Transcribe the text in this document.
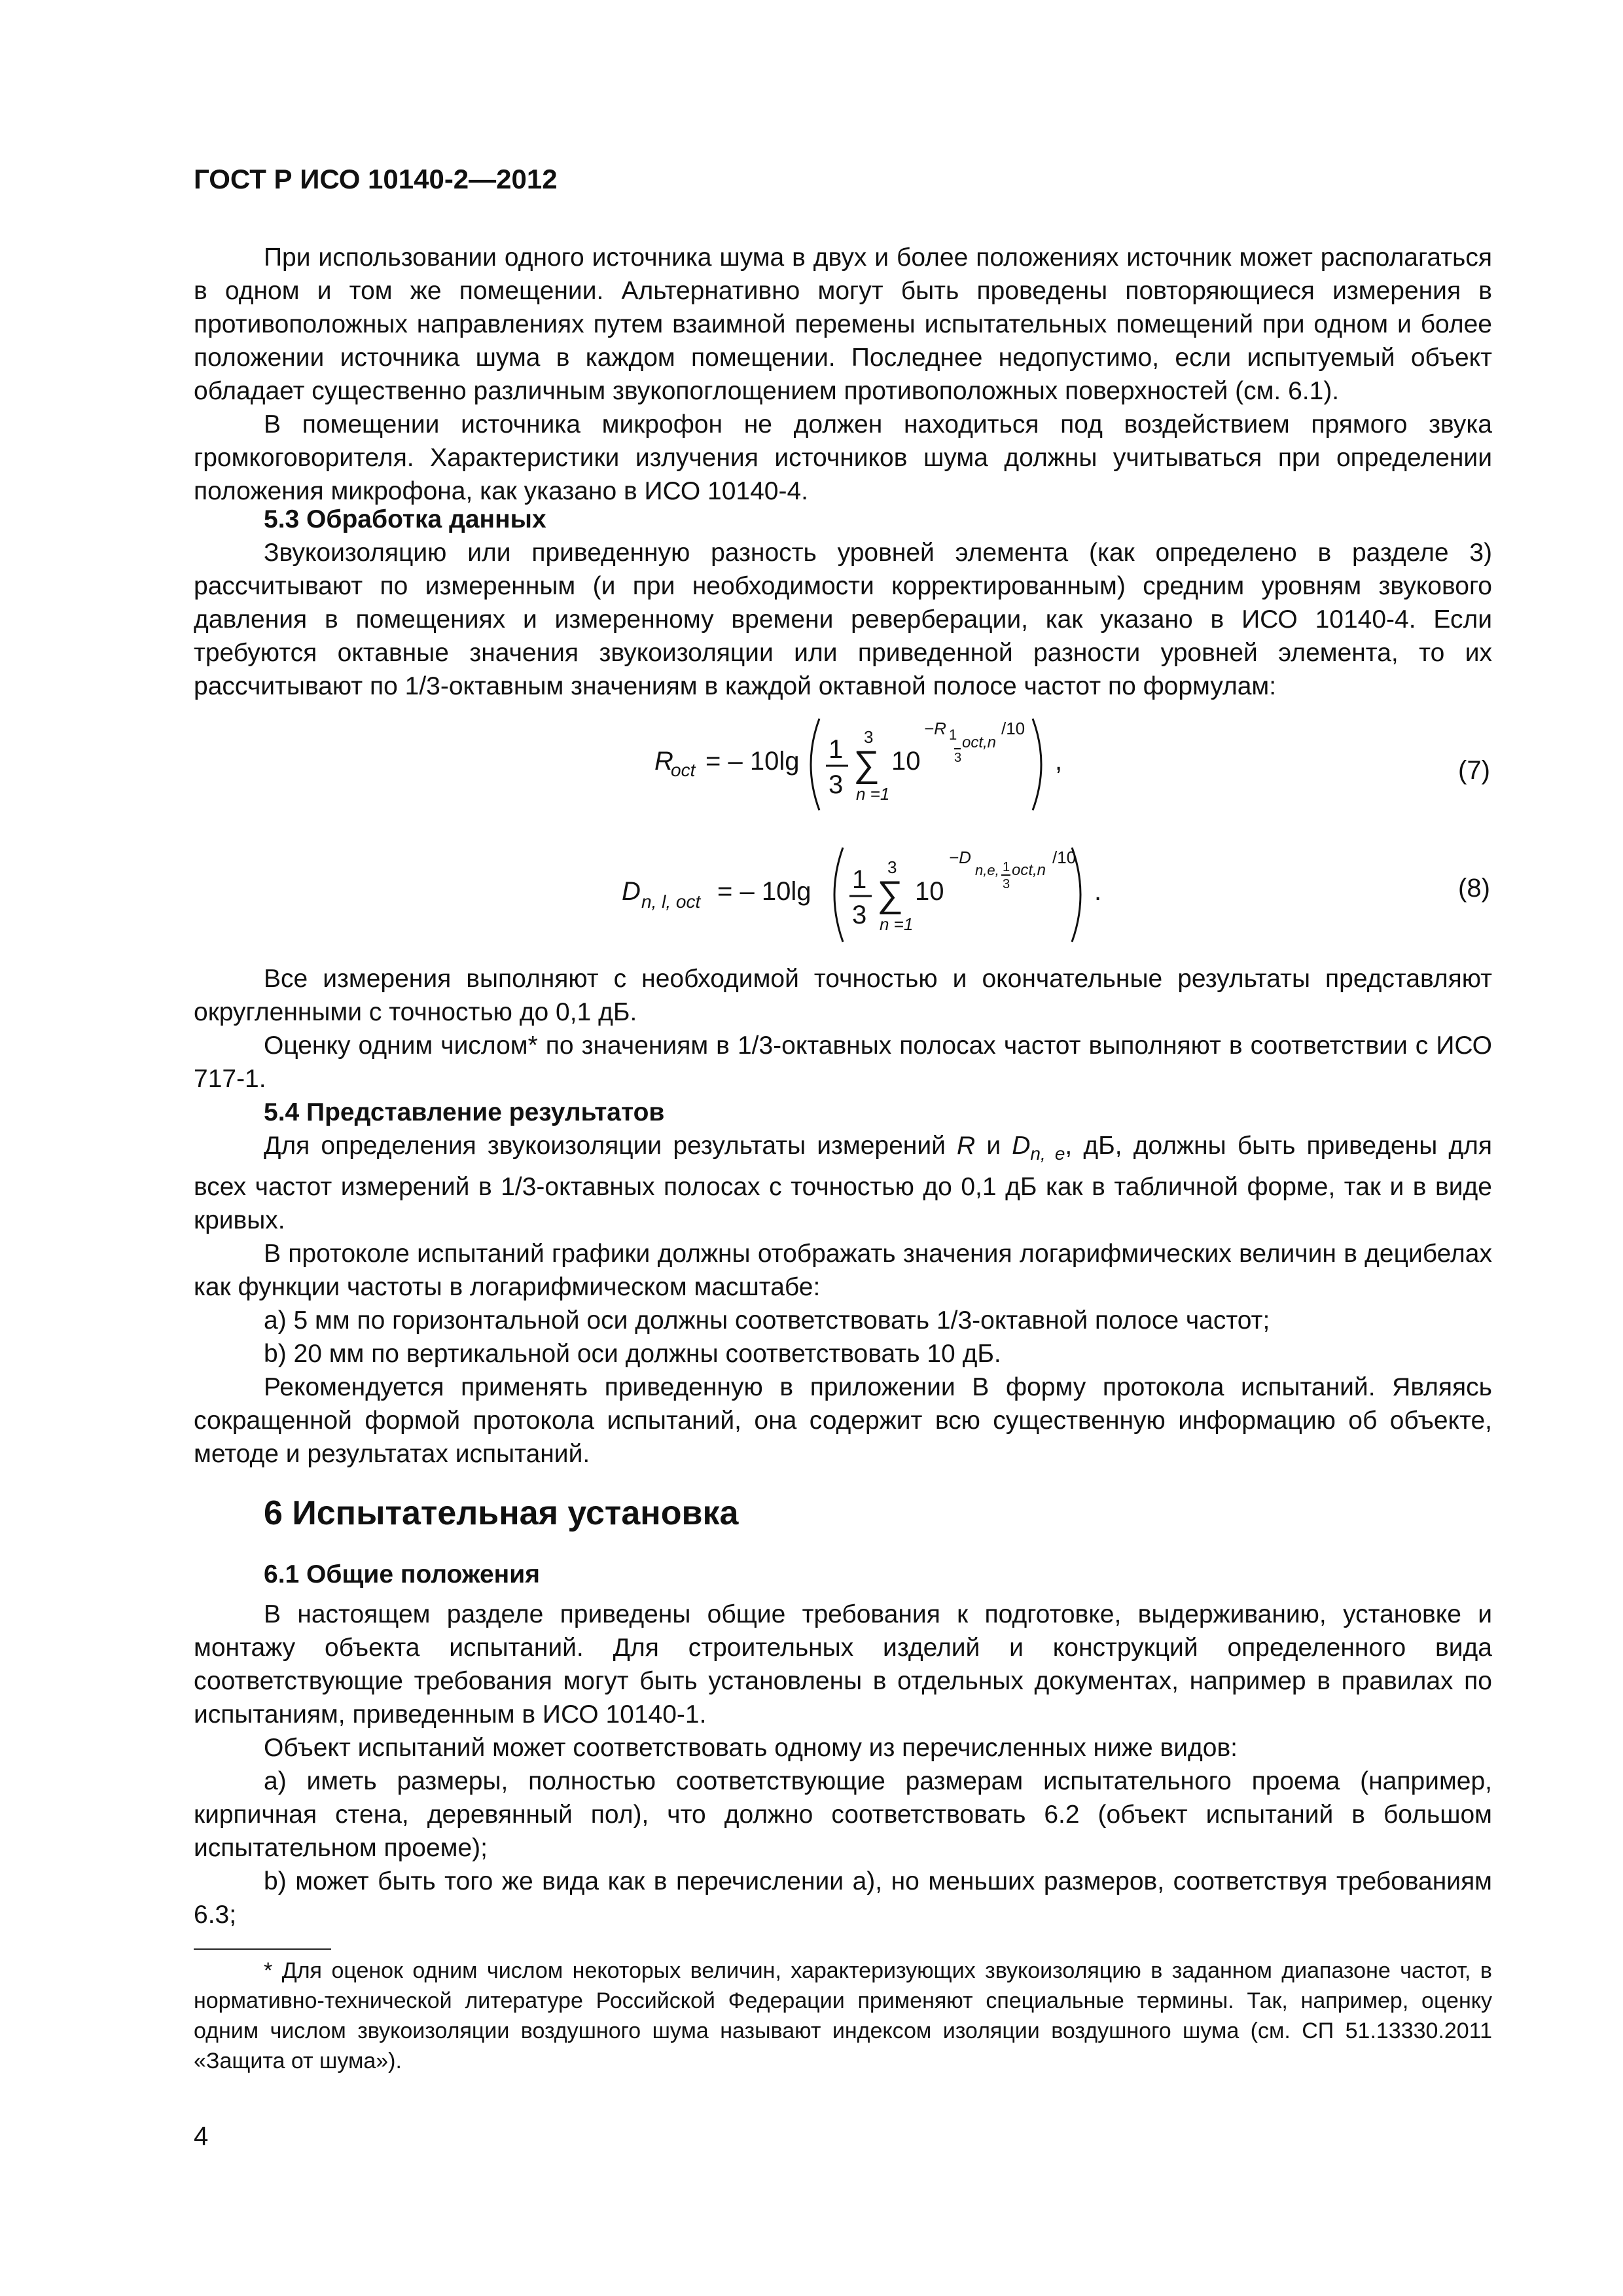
ГОСТ Р ИСО 10140-2—2012

При использовании одного источника шума в двух и более положениях источник может располагаться в одном и том же помещении. Альтернативно могут быть проведены повторяющиеся измерения в противоположных направлениях путем взаимной перемены испытательных помещений при одном и более положении источника шума в каждом помещении. Последнее недопустимо, если испытуемый объект обладает существенно различным звукопоглощением противоположных поверхностей (см. 6.1).

В помещении источника микрофон не должен находиться под воздействием прямого звука громкоговорителя. Характеристики излучения источников шума должны учитываться при определении положения микрофона, как указано в ИСО 10140-4.

5.3 Обработка данных

Звукоизоляцию или приведенную разность уровней элемента (как определено в разделе 3) рассчитывают по измеренным (и при необходимости корректированным) средним уровням звукового давления в помещениях и измеренному времени реверберации, как указано в ИСО 10140-4. Если требуются октавные значения звукоизоляции или приведенной разности уровней элемента, то их рассчитывают по 1/3-октавным значениям в каждой октавной полосе частот по формулам:

R
oct = – 10lg 1
3
3
∑
n =1
10
−R 1
3
oct,n
/10
,	(7)
D n, l, oct = – 10lg 1
3
3
∑
n =1
10
−D
n,e, 1
3
oct,n
/10
.	(8)

Все измерения выполняют с необходимой точностью и окончательные результаты представляют округленными с точностью до 0,1 дБ.

Оценку одним числом* по значениям в 1/3-октавных полосах частот выполняют в соответствии с ИСО 717-1.

5.4 Представление результатов

Для определения звукоизоляции результаты измерений R и $D_{n, e}$, дБ, должны быть приведены для всех частот измерений в 1/3-октавных полосах с точностью до 0,1 дБ как в табличной форме, так и в виде кривых.

В протоколе испытаний графики должны отображать значения логарифмических величин в децибелах как функции частоты в логарифмическом масштабе:

a) 5 мм по горизонтальной оси должны соответствовать 1/3-октавной полосе частот;

b) 20 мм по вертикальной оси должны соответствовать 10 дБ.

Рекомендуется применять приведенную в приложении В форму протокола испытаний. Являясь сокращенной формой протокола испытаний, она содержит всю существенную информацию об объекте, методе и результатах испытаний.

6 Испытательная установка

6.1 Общие положения

В настоящем разделе приведены общие требования к подготовке, выдерживанию, установке и монтажу объекта испытаний. Для строительных изделий и конструкций определенного вида соответствующие требования могут быть установлены в отдельных документах, например в правилах по испытаниям, приведенным в ИСО 10140-1.

Объект испытаний может соответствовать одному из перечисленных ниже видов:

a) иметь размеры, полностью соответствующие размерам испытательного проема (например, кирпичная стена, деревянный пол), что должно соответствовать 6.2 (объект испытаний в большом испытательном проеме);

b) может быть того же вида как в перечислении а), но меньших размеров, соответствуя требованиям 6.3;

* Для оценок одним числом некоторых величин, характеризующих звукоизоляцию в заданном диапазоне частот, в нормативно-технической литературе Российской Федерации применяют специальные термины. Так, например, оценку одним числом звукоизоляции воздушного шума называют индексом изоляции воздушного шума (см. СП 51.13330.2011 «Защита от шума»).

4
